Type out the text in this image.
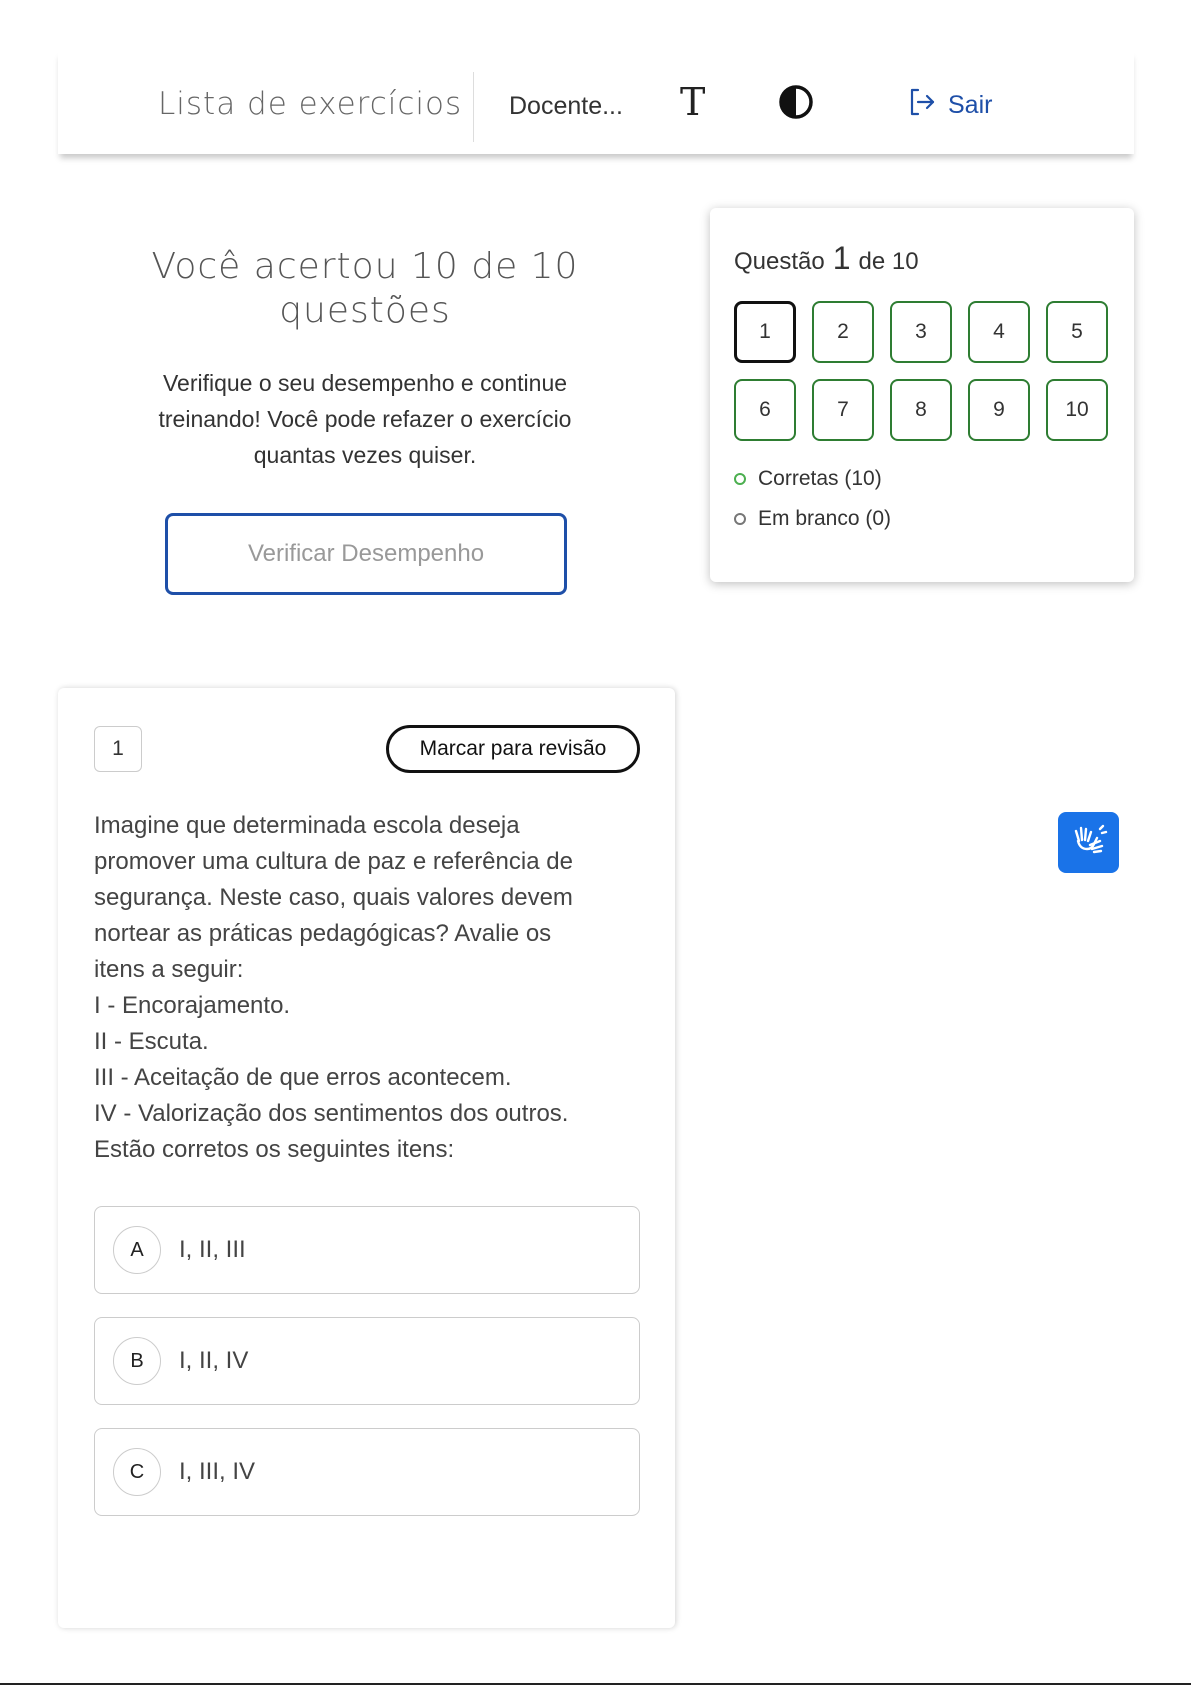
Lista de exercícios Docente... T	Sair
Você acertou 10 de 10 questões

Verifique o seu desempenho e continue treinando! Você pode refazer o exercício quantas vezes quiser.

Verificar Desempenho
Questão 1 de 10
1	2	3	4	5
6	7	8	9	10
Corretas (10)
Em branco (0)
1	Marcar para revisão
Imagine que determinada escola deseja
promover uma cultura de paz e referência de
segurança. Neste caso, quais valores devem
nortear as práticas pedagógicas? Avalie os
itens a seguir:
I - Encorajamento.
II - Escuta.
III - Aceitação de que erros acontecem.
IV - Valorização dos sentimentos dos outros.
Estão corretos os seguintes itens:
A	I, II, III
B	I, II, IV
C	I, III, IV
